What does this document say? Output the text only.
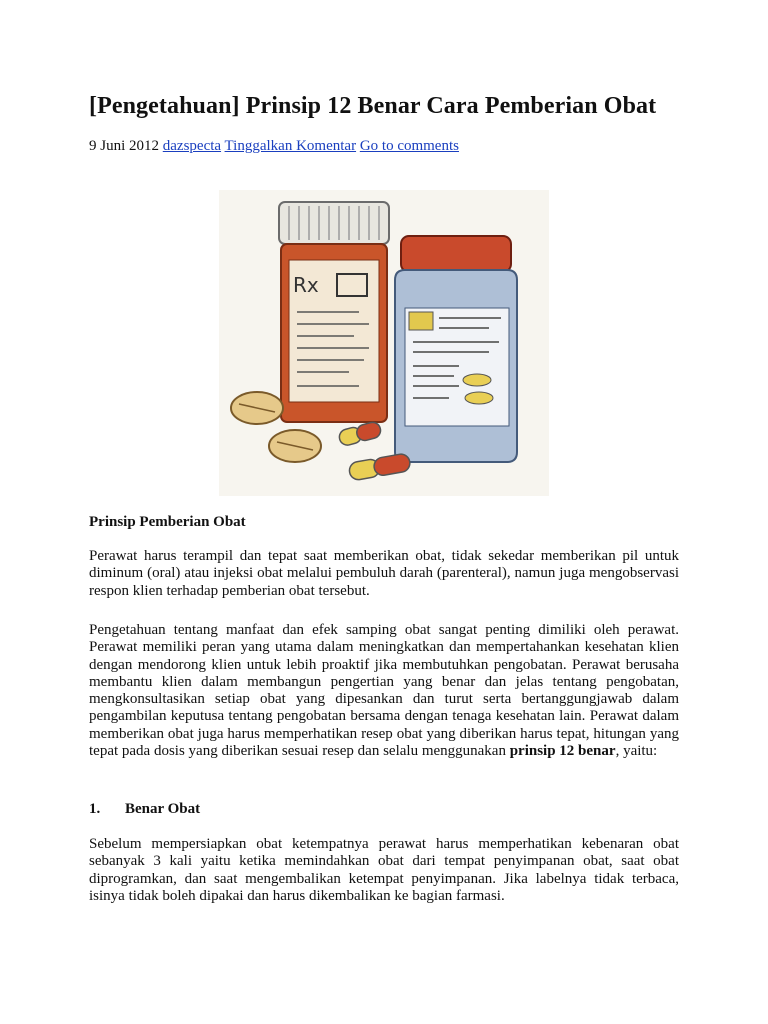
[Pengetahuan] Prinsip 12 Benar Cara Pemberian Obat
9 Juni 2012 dazspecta Tinggalkan Komentar Go to comments
Rx
Prinsip Pemberian Obat

Perawat harus terampil dan tepat saat memberikan obat, tidak sekedar memberikan pil untuk diminum (oral) atau injeksi obat melalui pembuluh darah (parenteral), namun juga mengobservasi respon klien terhadap pemberian obat tersebut.

Pengetahuan tentang manfaat dan efek samping obat sangat penting dimiliki oleh perawat. Perawat memiliki peran yang utama dalam meningkatkan dan mempertahankan kesehatan klien dengan mendorong klien untuk lebih proaktif jika membutuhkan pengobatan. Perawat berusaha membantu klien dalam membangun pengertian yang benar dan jelas tentang pengobatan, mengkonsultasikan setiap obat yang dipesankan dan turut serta bertanggungjawab dalam pengambilan keputusa tentang pengobatan bersama dengan tenaga kesehatan lain. Perawat dalam memberikan obat juga harus memperhatikan resep obat yang diberikan harus tepat, hitungan yang tepat pada dosis yang diberikan sesuai resep dan selalu menggunakan prinsip 12 benar, yaitu:

1. Benar Obat

Sebelum mempersiapkan obat ketempatnya perawat harus memperhatikan kebenaran obat sebanyak 3 kali yaitu ketika memindahkan obat dari tempat penyimpanan obat, saat obat diprogramkan, dan saat mengembalikan ketempat penyimpanan. Jika labelnya tidak terbaca, isinya tidak boleh dipakai dan harus dikembalikan ke bagian farmasi.
